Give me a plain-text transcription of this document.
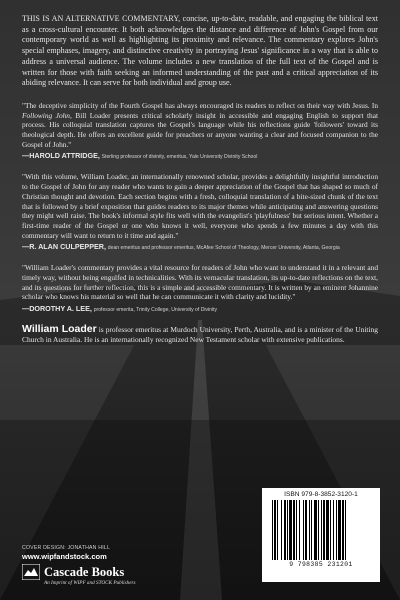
THIS IS AN ALTERNATIVE COMMENTARY, concise, up-to-date, readable, and engaging the biblical text as a cross-cultural encounter. It both acknowledges the distance and difference of John's Gospel from our contemporary world as well as highlighting its proximity and relevance. The commentary explores John's special emphases, imagery, and distinctive creativity in portraying Jesus' significance in a way that is able to address a universal audience. The volume includes a new translation of the full text of the Gospel and is written for those with faith seeking an informed understanding of the past and a critical appreciation of its abiding relevance. It can serve for both individual and group use.

"The deceptive simplicity of the Fourth Gospel has always encouraged its readers to reflect on their way with Jesus. In Following John, Bill Loader presents critical scholarly insight in accessible and engaging English to support that process. His colloquial translation captures the Gospel's language while his reflections guide 'followers' toward its theological depth. He offers an excellent guide for preachers or anyone wanting a clear and focused companion to the Gospel of John."

—HAROLD ATTRIDGE, Sterling professor of divinity, emeritus, Yale University Divinity School

"With this volume, William Loader, an internationally renowned scholar, provides a delightfully insightful introduction to the Gospel of John for any reader who wants to gain a deeper appreciation of the Gospel that has shaped so much of Christian thought and devotion. Each section begins with a fresh, colloquial translation of a bite-sized chunk of the text that is followed by a brief exposition that guides readers to its major themes while anticipating and answering questions they might well raise. The book's informal style fits well with the evangelist's 'playfulness' but serious intent. Whether a first-time reader of the Gospel or one who knows it well, everyone who spends a few minutes a day with this commentary will want to return to it time and again."

—R. ALAN CULPEPPER, dean emeritus and professor emeritus, McAfee School of Theology, Mercer University, Atlanta, Georgia

"William Loader's commentary provides a vital resource for readers of John who want to understand it in a relevant and timely way, without being engulfed in technicalities. With its vernacular translation, its up-to-date reflections on the text, and its questions for further reflection, this is a simple and accessible commentary. It is written by an eminent Johannine scholar who knows his material so well that he can communicate it with clarity and lucidity."

—DOROTHY A. LEE, professor emerita, Trinity College, University of Divinity

William Loader is professor emeritus at Murdoch University, Perth, Australia, and is a minister of the Uniting Church in Australia. He is an internationally recognized New Testament scholar with extensive publications.

COVER DESIGN: JONATHAN HILL
www.wipfandstock.com
Cascade Books
An Imprint of WIPF and STOCK Publishers
ISBN 979-8-3852-3120-1
9 798385 231201
